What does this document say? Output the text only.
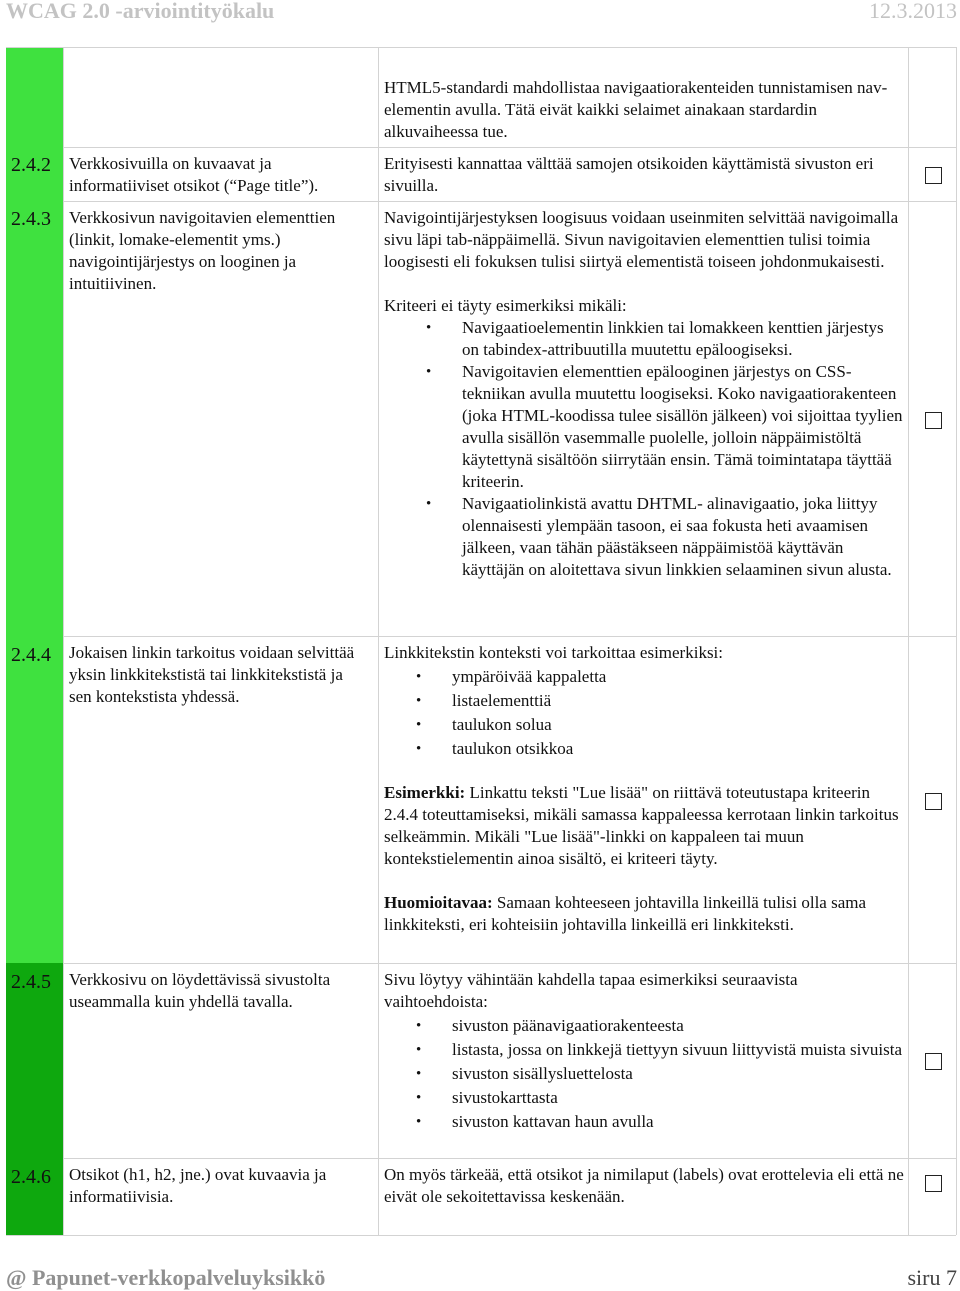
WCAG 2.0 -arviointityökalu	12.3.2013

HTML5-standardi mahdollistaa navigaatiorakenteiden tunnistamisen nav-elementin avulla. Tätä eivät kaikki selaimet ainakaan stardardin alkuvaiheessa tue.

2.4.2 Verkkosivuilla on kuvaavat ja informatiiviset otsikot (“Page title”).

Erityisesti kannattaa välttää samojen otsikoiden käyttämistä sivuston eri sivuilla.

2.4.3 Verkkosivun navigoitavien elementtien (linkit, lomake-elementit yms.) navigointijärjestys on looginen ja intuitiivinen.

Navigointijärjestyksen loogisuus voidaan useinmiten selvittää navigoimalla sivu läpi tab-näppäimellä. Sivun navigoitavien elementtien tulisi toimia loogisesti eli fokuksen tulisi siirtyä elementistä toiseen johdonmukaisesti.

Kriteeri ei täyty esimerkiksi mikäli:

• Navigaatioelementin linkkien tai lomakkeen kenttien järjestys on tabindex-attribuutilla muutettu epäloogiseksi.
• Navigoitavien elementtien epälooginen järjestys on CSS-tekniikan avulla muutettu loogiseksi. Koko navigaatiorakenteen (joka HTML-koodissa tulee sisällön jälkeen) voi sijoittaa tyylien avulla sisällön vasemmalle puolelle, jolloin näppäimistöltä käytettynä sisältöön siirrytään ensin. Tämä toimintatapa täyttää kriteerin.
• Navigaatiolinkistä avattu DHTML- alinavigaatio, joka liittyy olennaisesti ylempään tasoon, ei saa fokusta heti avaamisen jälkeen, vaan tähän päästäkseen näppäimistöä käyttävän käyttäjän on aloitettava sivun linkkien selaaminen sivun alusta.
2.4.4 Jokaisen linkin tarkoitus voidaan selvittää yksin linkkitekstistä tai linkkitekstistä ja sen kontekstista yhdessä.

Linkkitekstin konteksti voi tarkoittaa esimerkiksi:

• ympäröivää kappaletta
• listaelementtiä
• taulukon solua
• taulukon otsikkoa

Esimerkki: Linkattu teksti "Lue lisää" on riittävä toteutustapa kriteerin 2.4.4 toteuttamiseksi, mikäli samassa kappaleessa kerrotaan linkin tarkoitus selkeämmin. Mikäli "Lue lisää"-linkki on kappaleen tai muun kontekstielementin ainoa sisältö, ei kriteeri täyty.

Huomioitavaa: Samaan kohteeseen johtavilla linkeillä tulisi olla sama linkkiteksti, eri kohteisiin johtavilla linkeillä eri linkkiteksti.

2.4.5 Verkkosivu on löydettävissä sivustolta useammalla kuin yhdellä tavalla.

Sivu löytyy vähintään kahdella tapaa esimerkiksi seuraavista vaihtoehdoista:

• sivuston päänavigaatiorakenteesta
• listasta, jossa on linkkejä tiettyyn sivuun liittyvistä muista sivuista
• sivuston sisällysluettelosta
• sivustokarttasta
• sivuston kattavan haun avulla
2.4.6 Otsikot (h1, h2, jne.) ovat kuvaavia ja informatiivisia.

On myös tärkeää, että otsikot ja nimilaput (labels) ovat erottelevia eli että ne eivät ole sekoitettavissa keskenään.

@ Papunet-verkkopalveluyksikkö	siru 7
